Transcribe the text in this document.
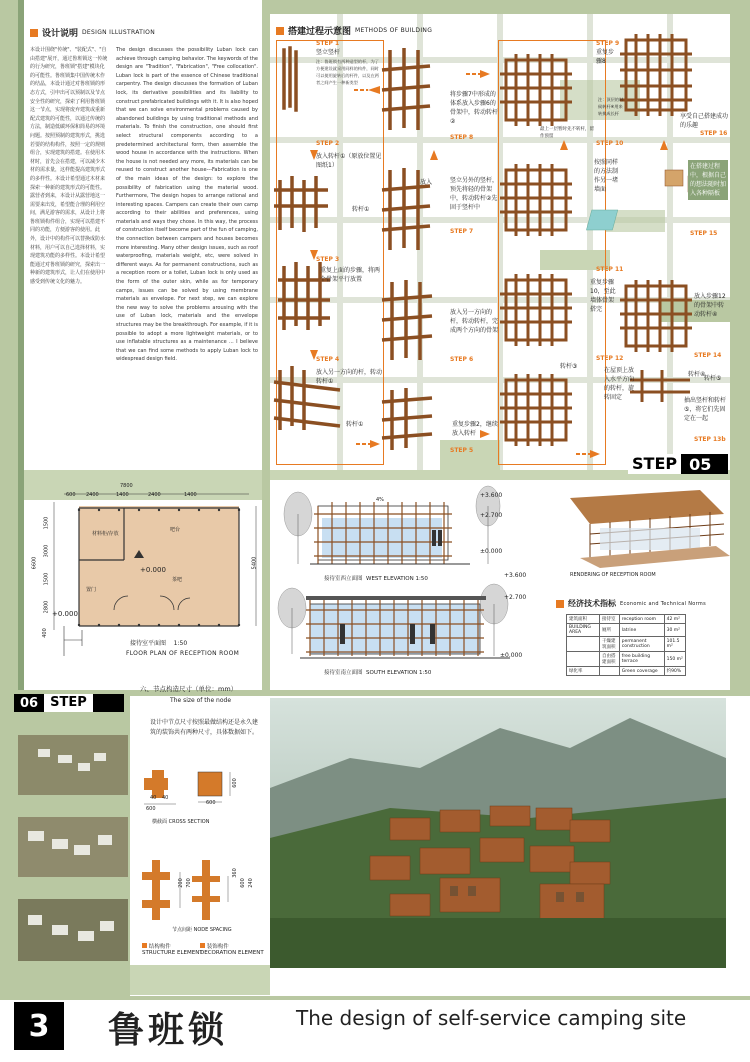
设计说明 DESIGN ILLUSTRATION
本设计围绕"传统"、"装配式"、"自由搭建"展开，通过鲁班锁这一传统的行为研究，鲁班锁"搭建"模块化的可能性。鲁班锁集中国传统木作的结晶，本设计通过对鲁班锁的形态方式，引申出可以预制以及节点安全性的研究，探索了利用鲁班锁这一节点，实现将废弃建筑或重新配式建筑的可能性，以通过传统的方法，制造低碳环保和简易的环境问题。按照预制的建筑形式，挑选若要的结构构件，按照一定的规则组合，实现建筑的搭建。在使用木材时，首先会在搭建，可以减少木材的需求量，这样能提高建筑形式的多样性。本设计希望通过木材来探索一种新的建筑形式的可能性。露营者到来，本设计从露营地这一需要来出发，希望能合理的利用空间，满足游客的需求，从设计上将鲁班锁构件组合，实现可以搭建不同的功能，方便游客的使用。此外，设计中的构件可以替换成防水材料，用户可以自己选择材料，实现建筑功能的多样性。本设计希望能通过对鲁班锁的研究，探索出一种新的建筑形式，让人们在使用中感受到传统文化的魅力。
The design discusses the possibility Luban lock can achieve through camping behavior. The keywords of the design are "Tradition", "Fabrication", "Free collocation". Luban lock is part of the essence of Chinese traditional carpentry. The design discusses the formation of Luban lock, its derivative possibilities and its liability to construct prefabricated buildings with it. It is also hoped that we can solve environmental problems caused by abandoned buildings by using traditional methods and materials. To finish the construction, one should first select structural components according to a predetermined architectural form, then assemble the wood house in accordance with the instructions. When the house is not needed any more, its materials can be reused to construct another house---Fabrication is one of the main ideas of the design: to explore the possibility of fabrication using the material wood. Furthermore, The design hopes to arrange rational and interesting spaces. Campers can create their own camp according to their abilities and preferences, using materials and ways they chose. In this way, the process of construction itself become part of the fun of camping, the connection between campers and houses becomes more interesting. Many other design issues, such as roof waterproofing, materials weight, etc, were solved in different ways. As for permanent constructions, such as a reception room or a toilet, Luban lock is only used as the form of the outer skin, while as for temporary camps, issues can be solved by using membrane materials as envelope. For next step, we can explore the new way to solve the problems arousing with the use of Luban lock, materials and the envelope structures may be the breakthrough. For example, if it is possible to adopt a more lightweight materials, or to use inflatable structures as a maintenance ... I believe that we can find some methods to apply Luban lock to widespread design field.
搭建过程示意图 METHODS OF BUILDING
STEP 1
竖立竖杆
注：鲁班锁有两种造型的杆，为了方便建设就采用同样的构件，同时可以使用旋转后的杆件，以及在两者之间产生一种新类型
STEP 2
放入转杆①（原放位置见图纸1）
转杆①
STEP 3
重复上面的步骤，将两个骨架平行放置
STEP 4
放入另一方向的杆，转动转杆①
转杆①
STEP 5
重复步骤2，继续放入转杆
STEP 6
放入另一方向的杆，转动转杆，完成两个方向的骨架
STEP 7
竖立另外的竖杆，预先将轻的骨架中，转动转杆②先固于竖杆中
放入
STEP 8
将步骤7中形成的体系放入步骤6的骨架中，转动转杆②
STEP 9
重复步骤8
最上一层暂时先不转杆，留作预留
STEP 10
注：顶层的时候转杆④用来转换成长杆
STEP 11
按照同样的方法制作另一堵墙面
STEP 12
重复步骤10，至此墙体骨架搭完
在屋顶上放入水平方向的转杆，旋转固定
转杆③
STEP 14
放入步骤12的骨架中转动转杆④
转杆④
STEP 15
在搭建过程中，根据自己的想法随时加入各种隔板
STEP 16
享受自己搭建成功的乐趣
STEP 13b
抽出竖杆和转杆⑤，将它们先固定在一起
转杆⑤
STEP 05
7800
600 2400	1400	2400	1400
6600
1500
3000
1500
2800
400
5400
材料柜/存放
吧台
茶吧
置门
+0.000
+0.000
接待室平面图 1:50
FLOOR PLAN OF RECEPTION ROOM
4%
+3.600
+2.700
±0.000
接待室西立面图 WEST ELEVATION 1:50	+3.600
+2.700
±0.000
接待室南立面图 SOUTH ELEVATION 1:50
RENDERING OF RECEPTION ROOM
经济技术指标 Economic and Technical Norms
建筑面积	接待室	reception room	42 m²
BUILDING AREA	厕所	latrine	30 m²
	干燥建筑面积	permanent construction	101.5 m²
	自由搭建面积	free building terrace	150 m²
绿化率		Green coverage	约90%
06 STEP
六、节点构造尺寸（单位：mm）
The size of the node
设计中节点尺寸按照最做结构还是永久建筑的装饰共有两种尺寸，具体数据如下。
40 40
600
600
600
横截面 CROSS SECTION
200 700
360
600 240
节点间距 NODE SPACING
结构构件
STRUCTURE ELEMENT
装饰构件
DECORATION ELEMENT
3	鲁班锁	The design of self-service camping site
